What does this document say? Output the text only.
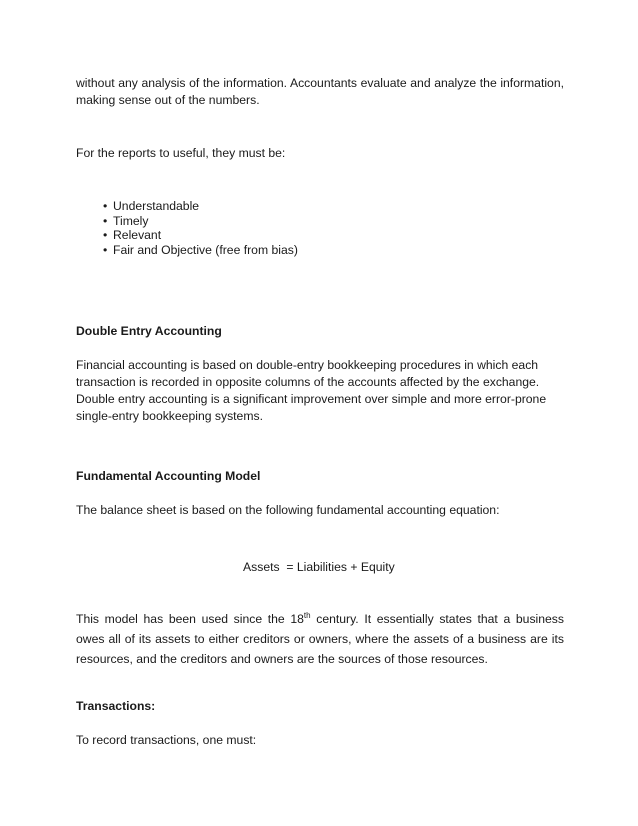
without any analysis of the information. Accountants evaluate and analyze the information, making sense out of the numbers.

For the reports to useful, they must be:

• Understandable
• Timely
• Relevant
• Fair and Objective (free from bias)

Double Entry Accounting

Financial accounting is based on double-entry bookkeeping procedures in which each transaction is recorded in opposite columns of the accounts affected by the exchange. Double entry accounting is a significant improvement over simple and more error-prone single-entry bookkeeping systems.

Fundamental Accounting Model

The balance sheet is based on the following fundamental accounting equation:

Assets  = Liabilities + Equity

This model has been used since the 18th century. It essentially states that a business owes all of its assets to either creditors or owners, where the assets of a business are its resources, and the creditors and owners are the sources of those resources.

Transactions:

To record transactions, one must:
